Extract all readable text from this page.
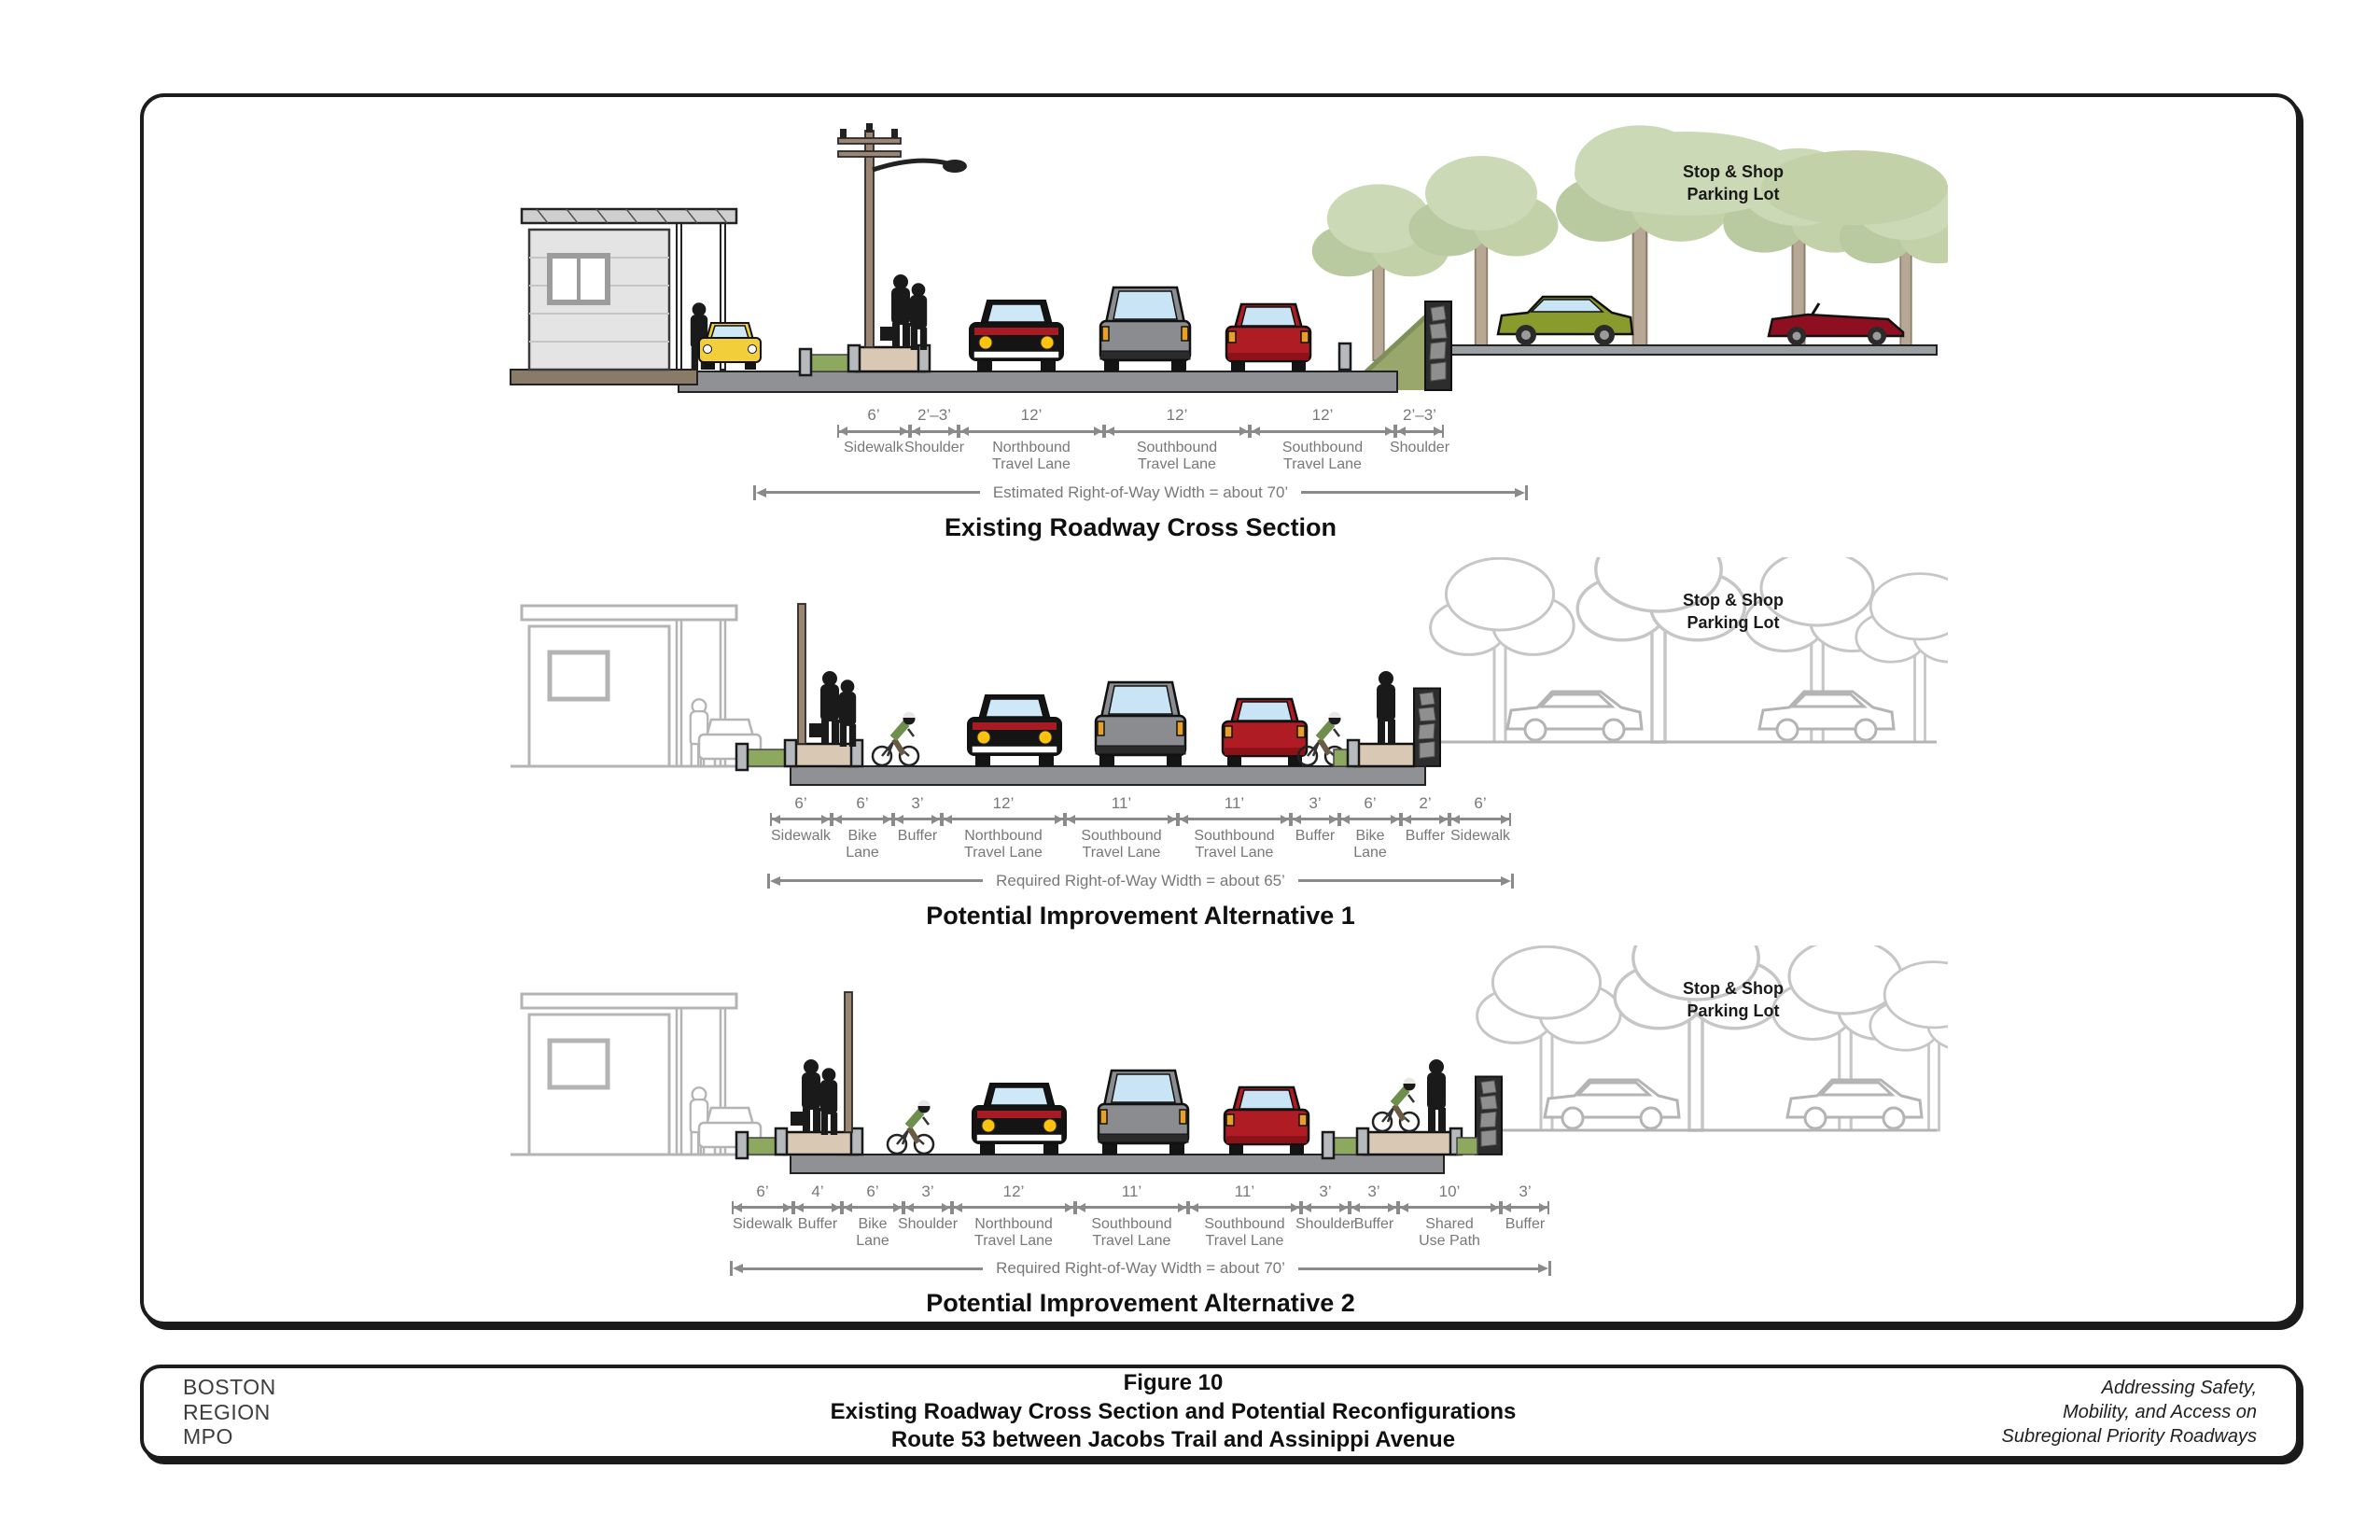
Stop & Shop
Parking Lot
6’
Sidewalk
2’–3’
Shoulder
12’
Northbound
Travel Lane
12’
Southbound
Travel Lane
12’
Southbound
Travel Lane
2’–3’
Shoulder
Estimated Right-of-Way Width = about 70’
Existing Roadway Cross Section
Stop & Shop
Parking Lot
6’
Sidewalk
6’
Bike
Lane
3’
Buffer
12’
Northbound
Travel Lane
11’
Southbound
Travel Lane
11’
Southbound
Travel Lane
3’
Buffer
6’
Bike
Lane
2’
Buffer
6’
Sidewalk
Required Right-of-Way Width = about 65’
Potential Improvement Alternative 1
Stop & Shop
Parking Lot
6’
Sidewalk
4’
Buffer
6’
Bike
Lane
3’
Shoulder
12’
Northbound
Travel Lane
11’
Southbound
Travel Lane
11’
Southbound
Travel Lane
3’
Shoulder
3’
Buffer
10’
Shared
Use Path
3’
Buffer
Required Right-of-Way Width = about 70’
Potential Improvement Alternative 2
BOSTON
REGION
MPO
Figure 10
Existing Roadway Cross Section and Potential Reconfigurations
Route 53 between Jacobs Trail and Assinippi Avenue
Addressing Safety,
Mobility, and Access on
Subregional Priority Roadways
